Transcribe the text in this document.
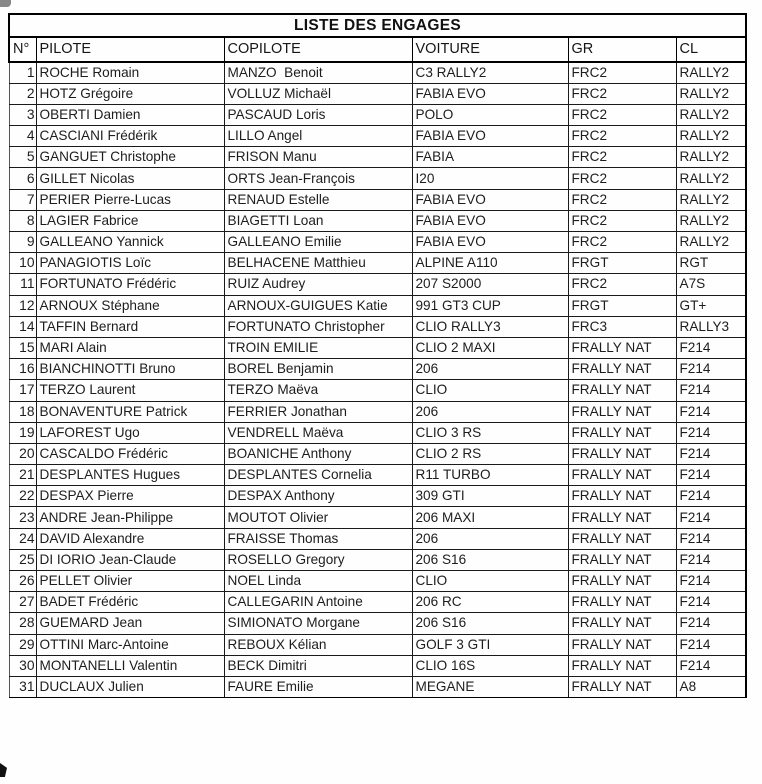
LISTE DES ENGAGES					
N°	PILOTE	COPILOTE	VOITURE	GR	CL
1	ROCHE Romain	MANZO  Benoit	C3 RALLY2	FRC2	RALLY2
2	HOTZ Grégoire	VOLLUZ Michaël	FABIA EVO	FRC2	RALLY2
3	OBERTI Damien	PASCAUD Loris	POLO	FRC2	RALLY2
4	CASCIANI Frédérik	LILLO Angel	FABIA EVO	FRC2	RALLY2
5	GANGUET Christophe	FRISON Manu	FABIA	FRC2	RALLY2
6	GILLET Nicolas	ORTS Jean-François	I20	FRC2	RALLY2
7	PERIER Pierre-Lucas	RENAUD Estelle	FABIA EVO	FRC2	RALLY2
8	LAGIER Fabrice	BIAGETTI Loan	FABIA EVO	FRC2	RALLY2
9	GALLEANO Yannick	GALLEANO Emilie	FABIA EVO	FRC2	RALLY2
10	PANAGIOTIS Loïc	BELHACENE Matthieu	ALPINE A110	FRGT	RGT
11	FORTUNATO Frédéric	RUIZ Audrey	207 S2000	FRC2	A7S
12	ARNOUX Stéphane	ARNOUX-GUIGUES Katie	991 GT3 CUP	FRGT	GT+
14	TAFFIN Bernard	FORTUNATO Christopher	CLIO RALLY3	FRC3	RALLY3
15	MARI Alain	TROIN EMILIE	CLIO 2 MAXI	FRALLY NAT	F214
16	BIANCHINOTTI Bruno	BOREL Benjamin	206	FRALLY NAT	F214
17	TERZO Laurent	TERZO Maëva	CLIO	FRALLY NAT	F214
18	BONAVENTURE Patrick	FERRIER Jonathan	206	FRALLY NAT	F214
19	LAFOREST Ugo	VENDRELL Maëva	CLIO 3 RS	FRALLY NAT	F214
20	CASCALDO Frédéric	BOANICHE Anthony	CLIO 2 RS	FRALLY NAT	F214
21	DESPLANTES Hugues	DESPLANTES Cornelia	R11 TURBO	FRALLY NAT	F214
22	DESPAX Pierre	DESPAX Anthony	309 GTI	FRALLY NAT	F214
23	ANDRE Jean-Philippe	MOUTOT Olivier	206 MAXI	FRALLY NAT	F214
24	DAVID Alexandre	FRAISSE Thomas	206	FRALLY NAT	F214
25	DI IORIO Jean-Claude	ROSELLO Gregory	206 S16	FRALLY NAT	F214
26	PELLET Olivier	NOEL Linda	CLIO	FRALLY NAT	F214
27	BADET Frédéric	CALLEGARIN Antoine	206 RC	FRALLY NAT	F214
28	GUEMARD Jean	SIMIONATO Morgane	206 S16	FRALLY NAT	F214
29	OTTINI Marc-Antoine	REBOUX Kélian	GOLF 3 GTI	FRALLY NAT	F214
30	MONTANELLI Valentin	BECK Dimitri	CLIO 16S	FRALLY NAT	F214
31	DUCLAUX Julien	FAURE Emilie	MEGANE	FRALLY NAT	A8
